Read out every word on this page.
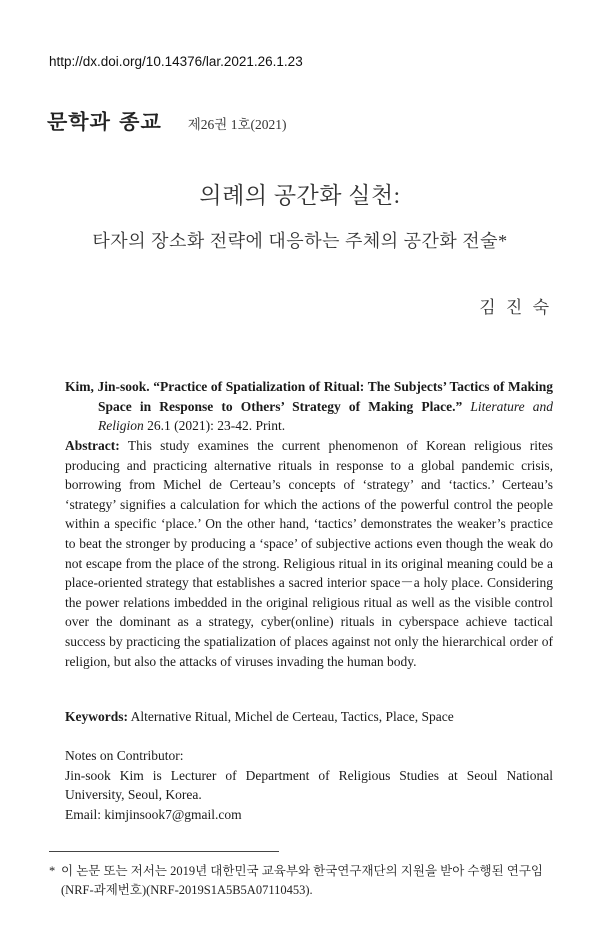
http://dx.doi.org/10.14376/lar.2021.26.1.23
문학과 종교 제26권 1호(2021)
의례의 공간화 실천:
타자의 장소화 전략에 대응하는 주체의 공간화 전술*
김 진 숙
Kim, Jin-sook. “Practice of Spatialization of Ritual: The Subjects’ Tactics of Making Space in Response to Others’ Strategy of Making Place.” Literature and Religion 26.1 (2021): 23-42. Print.
Abstract: This study examines the current phenomenon of Korean religious rites producing and practicing alternative rituals in response to a global pandemic crisis, borrowing from Michel de Certeau’s concepts of ‘strategy’ and ‘tactics.’ Certeau’s ‘strategy’ signifies a calculation for which the actions of the powerful control the people within a specific ‘place.’ On the other hand, ‘tactics’ demonstrates the weaker’s practice to beat the stronger by producing a ‘space’ of subjective actions even though the weak do not escape from the place of the strong. Religious ritual in its original meaning could be a place-oriented strategy that establishes a sacred interior space－a holy place. Considering the power relations imbedded in the original religious ritual as well as the visible control over the dominant as a strategy, cyber(online) rituals in cyberspace achieve tactical success by practicing the spatialization of places against not only the hierarchical order of religion, but also the attacks of viruses invading the human body.
Keywords: Alternative Ritual, Michel de Certeau, Tactics, Place, Space
Notes on Contributor:
Jin-sook Kim is Lecturer of Department of Religious Studies at Seoul National University, Seoul, Korea.
Email: kimjinsook7@gmail.com
* 이 논문 또는 저서는 2019년 대한민국 교육부와 한국연구재단의 지원을 받아 수행된 연구임
(NRF-과제번호)(NRF-2019S1A5B5A07110453).
